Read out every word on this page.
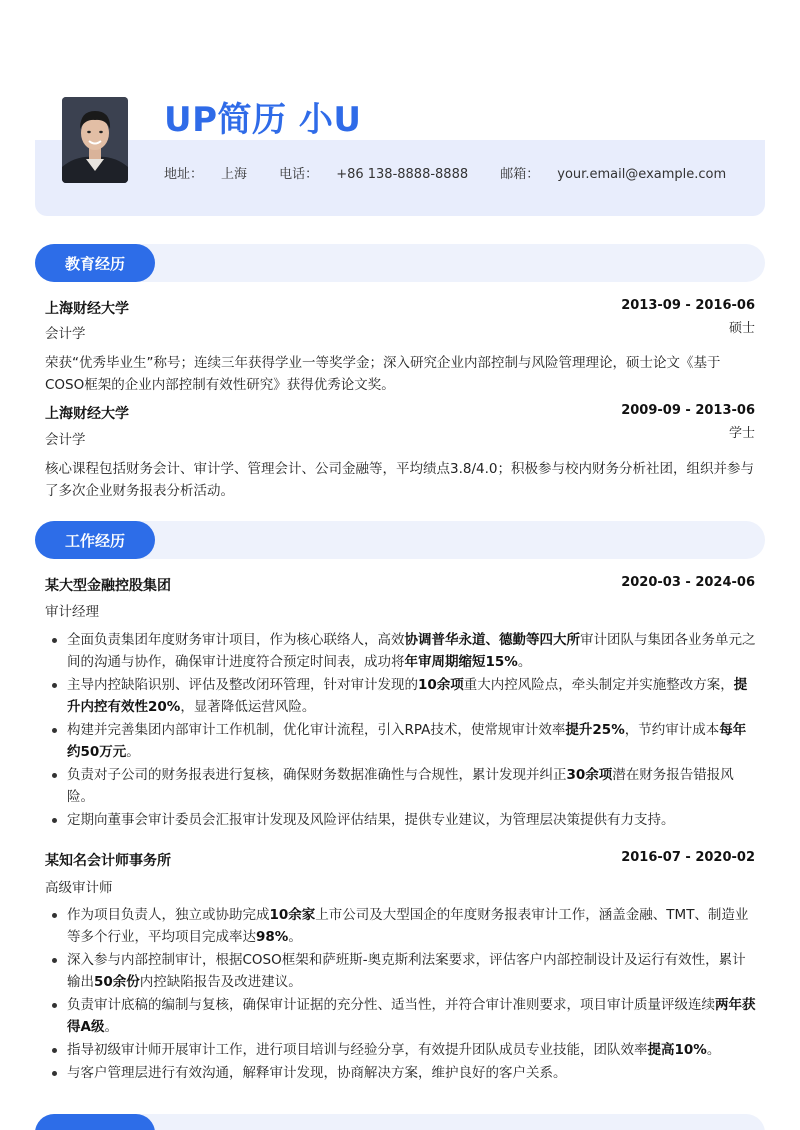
UP简历 小U
地址： 上海 电话： +86 138-8888-8888 邮箱： your.email@example.com
教育经历
上海财经大学	2013-09 - 2016-06
会计学	硕士
荣获“优秀毕业生”称号；连续三年获得学业一等奖学金；深入研究企业内部控制与风险管理理论，硕士论文《基于COSO框架的企业内部控制有效性研究》获得优秀论文奖。
上海财经大学	2009-09 - 2013-06
会计学	学士
核心课程包括财务会计、审计学、管理会计、公司金融等，平均绩点3.8/4.0；积极参与校内财务分析社团，组织并参与了多次企业财务报表分析活动。
工作经历
某大型金融控股集团	2020-03 - 2024-06
审计经理
全面负责集团年度财务审计项目，作为核心联络人，高效协调普华永道、德勤等四大所审计团队与集团各业务单元之间的沟通与协作，确保审计进度符合预定时间表，成功将年审周期缩短15%。
主导内控缺陷识别、评估及整改闭环管理，针对审计发现的10余项重大内控风险点，牵头制定并实施整改方案，提升内控有效性20%，显著降低运营风险。
构建并完善集团内部审计工作机制，优化审计流程，引入RPA技术，使常规审计效率提升25%，节约审计成本每年约50万元。
负责对子公司的财务报表进行复核，确保财务数据准确性与合规性，累计发现并纠正30余项潜在财务报告错报风险。
定期向董事会审计委员会汇报审计发现及风险评估结果，提供专业建议，为管理层决策提供有力支持。
某知名会计师事务所	2016-07 - 2020-02
高级审计师
作为项目负责人，独立或协助完成10余家上市公司及大型国企的年度财务报表审计工作，涵盖金融、TMT、制造业等多个行业，平均项目完成率达98%。
深入参与内部控制审计，根据COSO框架和萨班斯-奥克斯利法案要求，评估客户内部控制设计及运行有效性，累计输出50余份内控缺陷报告及改进建议。
负责审计底稿的编制与复核，确保审计证据的充分性、适当性，并符合审计准则要求，项目审计质量评级连续两年获得A级。
指导初级审计师开展审计工作，进行项目培训与经验分享，有效提升团队成员专业技能，团队效率提高10%。
与客户管理层进行有效沟通，解释审计发现，协商解决方案，维护良好的客户关系。
